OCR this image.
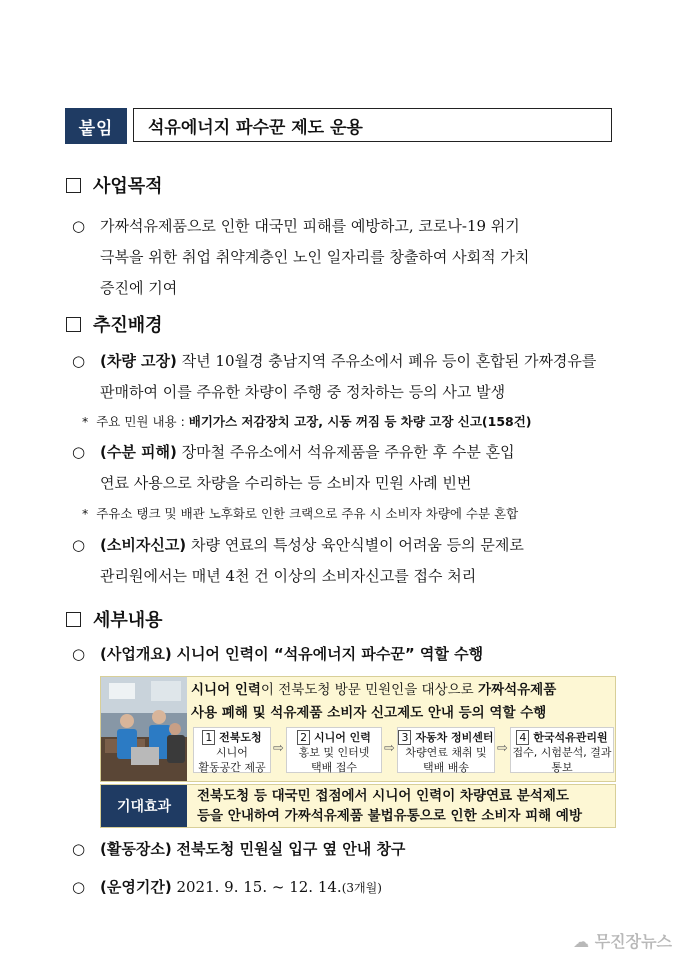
붙임	석유에너지 파수꾼 제도 운용
사업목적
○ 가짜석유제품으로 인한 대국민 피해를 예방하고, 코로나-19 위기
극복을 위한 취업 취약계층인 노인 일자리를 창출하여 사회적 가치
증진에 기여
추진배경
○ (차량 고장) 작년 10월경 충남지역 주유소에서 폐유 등이 혼합된 가짜경유를
판매하여 이를 주유한 차량이 주행 중 정차하는 등의 사고 발생
* 주요 민원 내용 : 배기가스 저감장치 고장, 시동 꺼짐 등 차량 고장 신고(158건)
○ (수분 피해) 장마철 주유소에서 석유제품을 주유한 후 수분 혼입
연료 사용으로 차량을 수리하는 등 소비자 민원 사례 빈번
* 주유소 탱크 및 배관 노후화로 인한 크랙으로 주유 시 소비자 차량에 수분 혼합
○ (소비자신고) 차량 연료의 특성상 육안식별이 어려움 등의 문제로
관리원에서는 매년 4천 건 이상의 소비자신고를 접수 처리
세부내용
○ (사업개요) 시니어 인력이 “석유에너지 파수꾼” 역할 수행
시니어 인력이 전북도청 방문 민원인을 대상으로 가짜석유제품
사용 폐해 및 석유제품 소비자 신고제도 안내 등의 역할 수행
1 전북도청
시니어
활동공간 제공
⇨
2 시니어 인력
홍보 및 인터넷
택배 접수
⇨
3 자동차 정비센터
차량연료 채취 및
택배 배송
⇨
4 한국석유관리원
접수, 시험분석, 결과
통보
기대효과
전북도청 등 대국민 접점에서 시니어 인력이 차량연료 분석제도
등을 안내하여 가짜석유제품 불법유통으로 인한 소비자 피해 예방
○ (활동장소) 전북도청 민원실 입구 옆 안내 창구
○ (운영기간) 2021. 9. 15. ~ 12. 14.(3개월)
☁ 무진장뉴스
